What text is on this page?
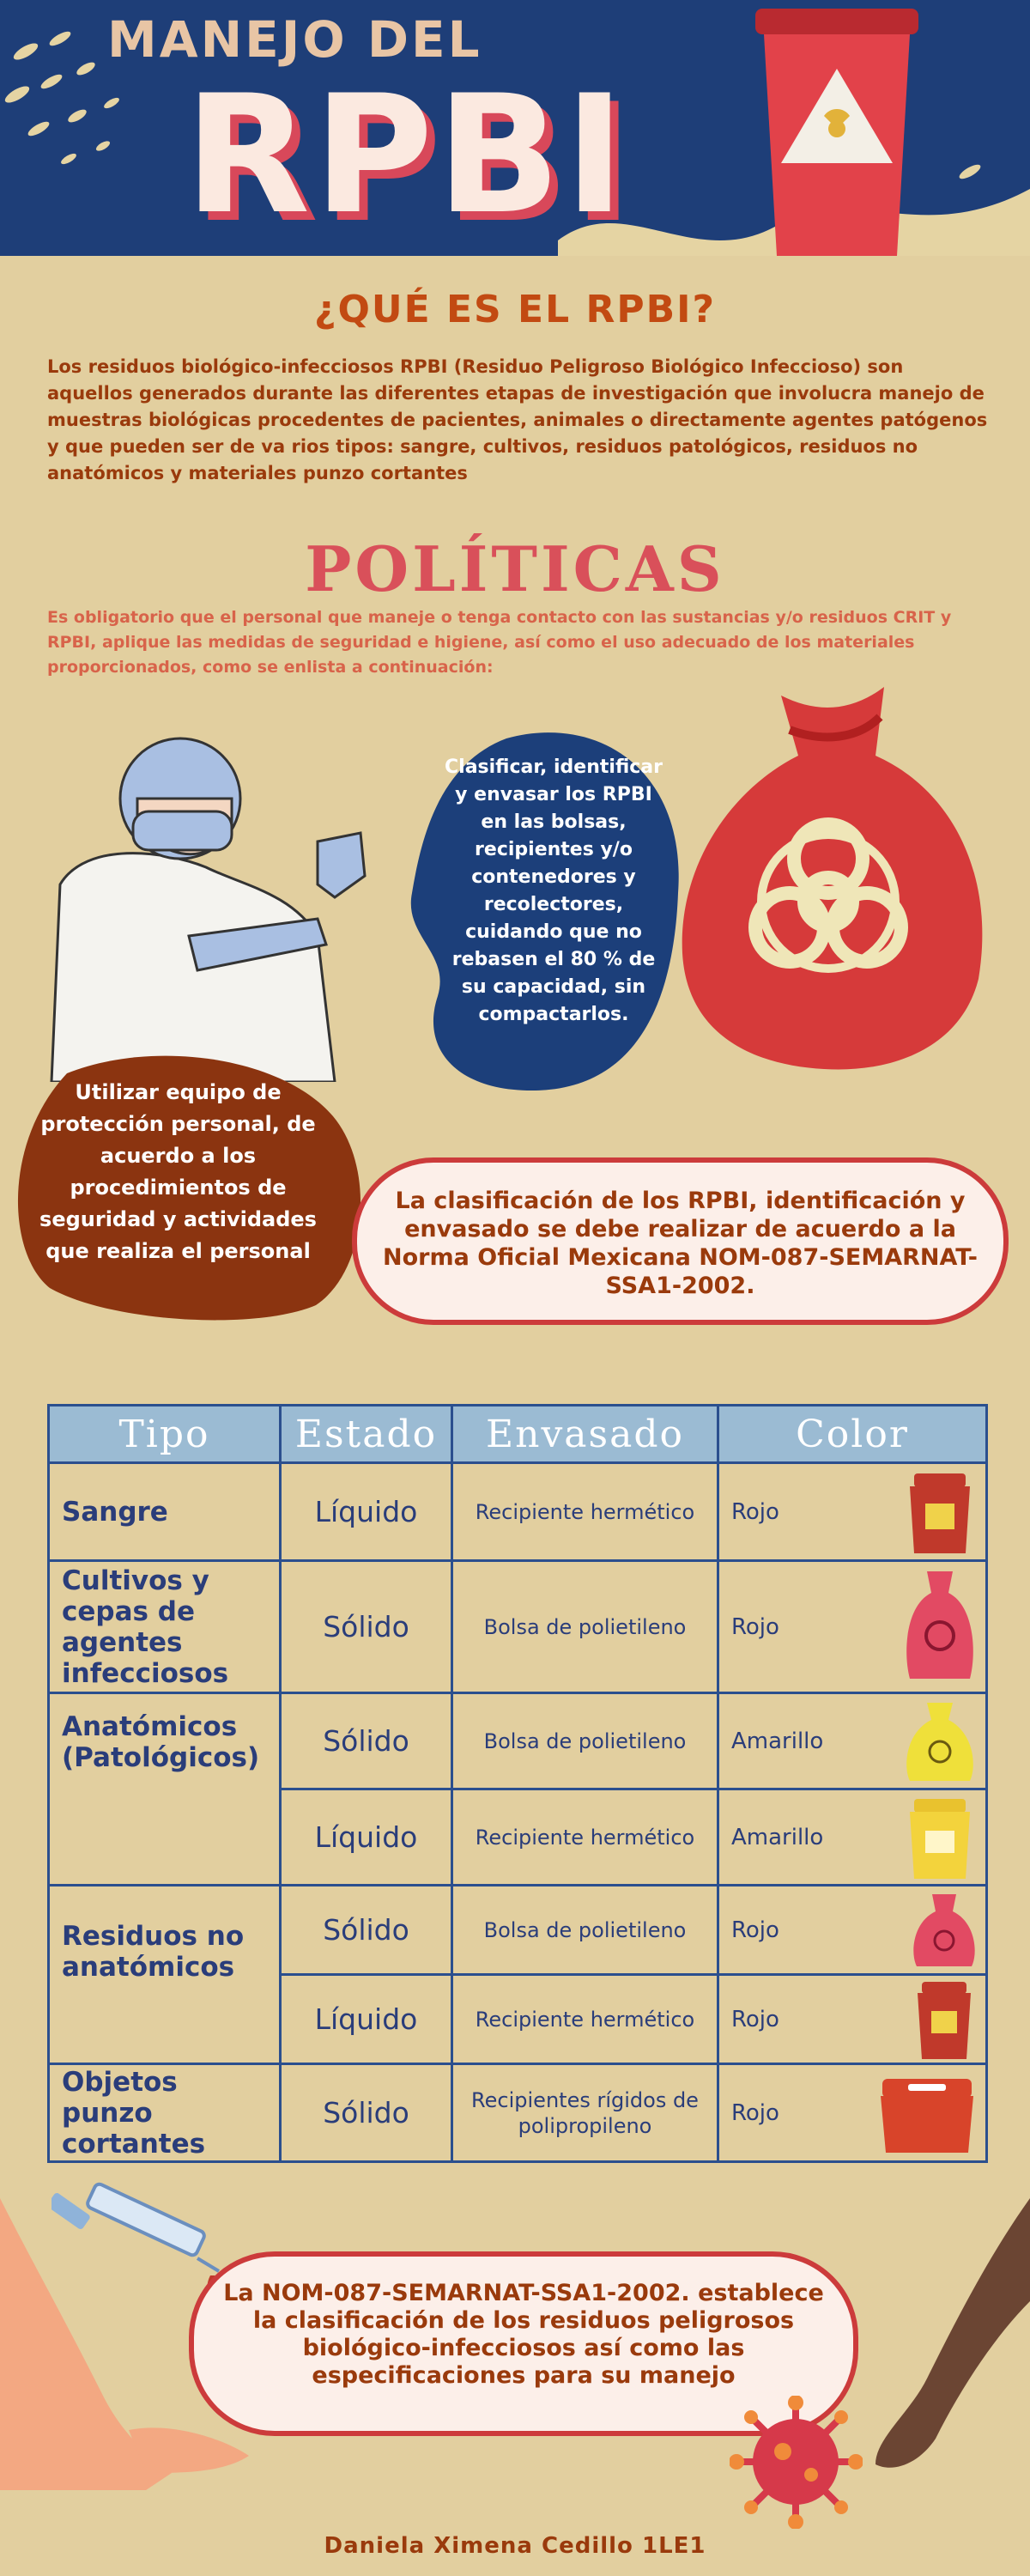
MANEJO DEL
RPBI
¿QUÉ ES EL RPBI?

Los residuos biológico-infecciosos RPBI (Residuo Peligroso Biológico Infeccioso) son aquellos generados durante las diferentes etapas de investigación que involucra manejo de muestras biológicas procedentes de pacientes, animales o directamente agentes patógenos y que pueden ser de va rios tipos: sangre, cultivos, residuos patológicos, residuos no anatómicos y materiales punzo cortantes

POLÍTICAS

Es obligatorio que el personal que maneje o tenga contacto con las sustancias y/o residuos CRIT y RPBI, aplique las medidas de seguridad e higiene, así como el uso adecuado de los materiales proporcionados, como se enlista a continuación:

Clasificar, identificar y envasar los RPBI en las bolsas, recipientes y/o contenedores y recolectores, cuidando que no rebasen el 80 % de su capacidad, sin compactarlos.
Utilizar equipo de protección personal, de acuerdo a los procedimientos de seguridad y actividades que realiza el personal
La clasificación de los RPBI, identificación y envasado se debe realizar de acuerdo a la Norma Oficial Mexicana NOM-087-SEMARNAT-SSA1-2002.
Tipo	Estado	Envasado	Color
Sangre	Líquido	Recipiente hermético	Rojo

Cultivos y cepas de agentes infecciosos	Sólido	Bolsa de polietileno	Rojo

Anatómicos (Patológicos)	Sólido	Bolsa de polietileno	Amarillo

	Líquido	Recipiente hermético	Amarillo

Residuos no anatómicos	Sólido	Bolsa de polietileno	Rojo

	Líquido	Recipiente hermético	Rojo

Objetos punzo cortantes	Sólido	Recipientes rígidos de polipropileno	Rojo
La NOM-087-SEMARNAT-SSA1-2002. establece la clasificación de los residuos peligrosos biológico-infecciosos así como las especificaciones para su manejo
Daniela Ximena Cedillo 1LE1
